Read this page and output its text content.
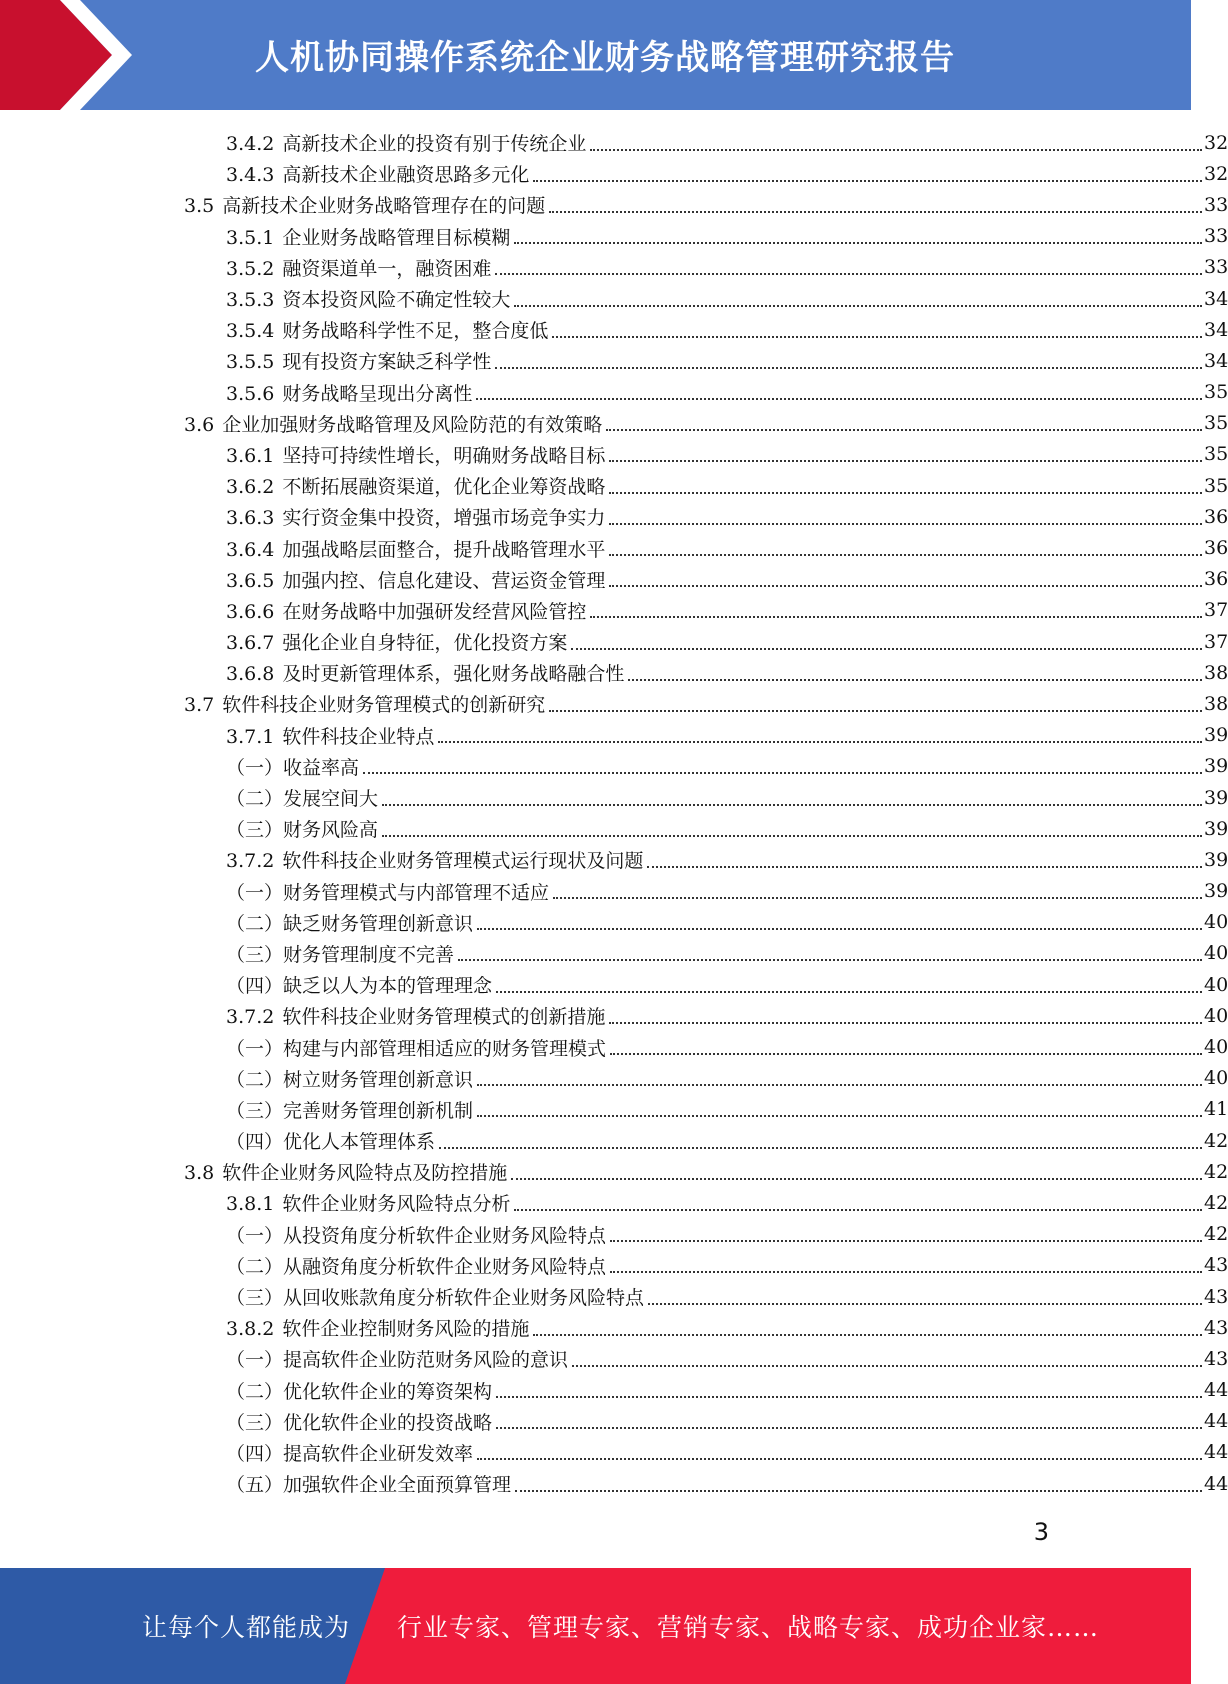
人机协同操作系统企业财务战略管理研究报告
3.4.2 高新技术企业的投资有别于传统企业	32
3.4.3 高新技术企业融资思路多元化	32
3.5 高新技术企业财务战略管理存在的问题	33
3.5.1 企业财务战略管理目标模糊	33
3.5.2 融资渠道单一，融资困难	33
3.5.3 资本投资风险不确定性较大	34
3.5.4 财务战略科学性不足，整合度低	34
3.5.5 现有投资方案缺乏科学性	34
3.5.6 财务战略呈现出分离性	35
3.6 企业加强财务战略管理及风险防范的有效策略	35
3.6.1 坚持可持续性增长，明确财务战略目标	35
3.6.2 不断拓展融资渠道，优化企业筹资战略	35
3.6.3 实行资金集中投资，增强市场竞争实力	36
3.6.4 加强战略层面整合，提升战略管理水平	36
3.6.5 加强内控、信息化建设、营运资金管理	36
3.6.6 在财务战略中加强研发经营风险管控	37
3.6.7 强化企业自身特征，优化投资方案	37
3.6.8 及时更新管理体系，强化财务战略融合性	38
3.7 软件科技企业财务管理模式的创新研究	38
3.7.1 软件科技企业特点	39
（一）收益率高	39
（二）发展空间大	39
（三）财务风险高	39
3.7.2 软件科技企业财务管理模式运行现状及问题	39
（一）财务管理模式与内部管理不适应	39
（二）缺乏财务管理创新意识	40
（三）财务管理制度不完善	40
（四）缺乏以人为本的管理理念	40
3.7.2 软件科技企业财务管理模式的创新措施	40
（一）构建与内部管理相适应的财务管理模式	40
（二）树立财务管理创新意识	40
（三）完善财务管理创新机制	41
（四）优化人本管理体系	42
3.8 软件企业财务风险特点及防控措施	42
3.8.1 软件企业财务风险特点分析	42
（一）从投资角度分析软件企业财务风险特点	42
（二）从融资角度分析软件企业财务风险特点	43
（三）从回收账款角度分析软件企业财务风险特点	43
3.8.2 软件企业控制财务风险的措施	43
（一）提高软件企业防范财务风险的意识	43
（二）优化软件企业的筹资架构	44
（三）优化软件企业的投资战略	44
（四）提高软件企业研发效率	44
（五）加强软件企业全面预算管理	44
3
让每个人都能成为 行业专家、管理专家、营销专家、战略专家、成功企业家……
